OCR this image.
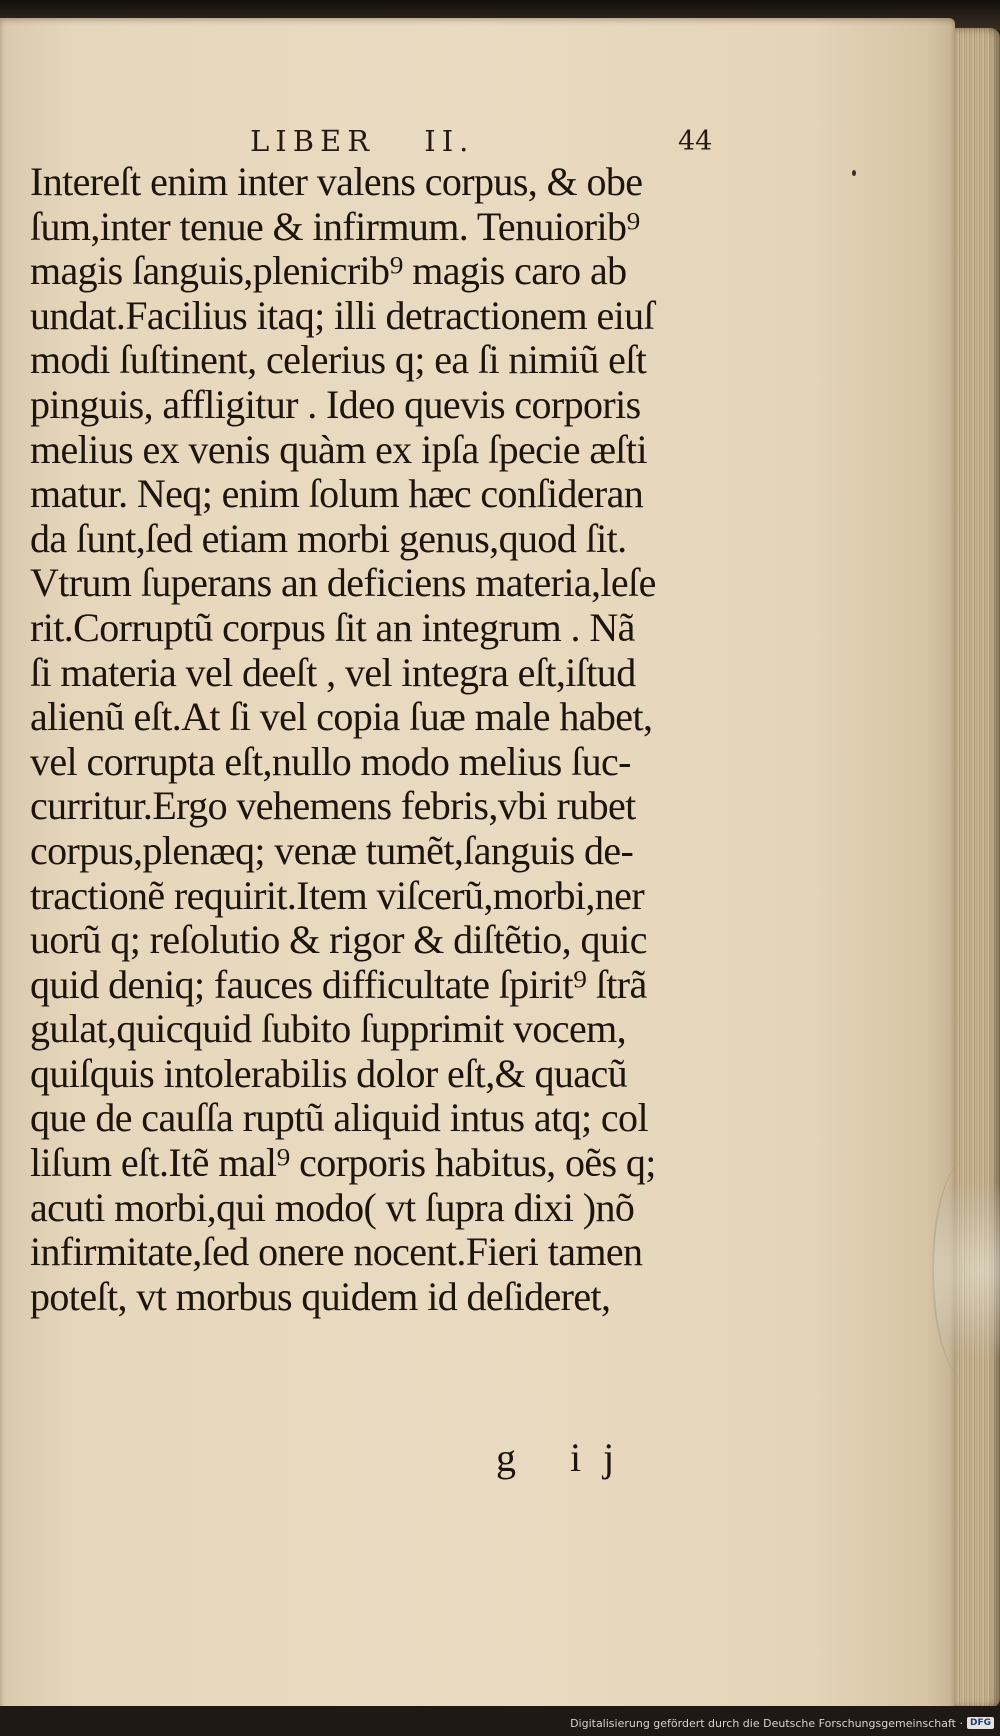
LIBER II.	44
Intereſt enim inter valens corpus, & obe
ſum,inter tenue & infirmum. Tenuiorib⁹
magis ſanguis,plenicrib⁹ magis caro ab
undat.Facilius itaq; illi detractionem eiuſ
modi ſuſtinent, celerius q; ea ſi nimiũ eſt
pinguis, affligitur . Ideo quevis corporis
melius ex venis quàm ex ipſa ſpecie æſti
matur. Neq; enim ſolum hæc conſideran
da ſunt,ſed etiam morbi genus,quod ſit.
Vtrum ſuperans an deficiens materia,leſe
rit.Corruptũ corpus ſit an integrum . Nã
ſi materia vel deeſt , vel integra eſt,iſtud
alienũ eſt.At ſi vel copia ſuæ male habet,
vel corrupta eſt,nullo modo melius ſuc-
curritur.Ergo vehemens febris,vbi rubet
corpus,plenæq; venæ tumẽt,ſanguis de-
tractionẽ requirit.Item viſcerũ,morbi,ner
uorũ q; reſolutio & rigor & diſtẽtio, quic
quid deniq; fauces difficultate ſpirit⁹ ſtrã
gulat,quicquid ſubito ſupprimit vocem,
quiſquis intolerabilis dolor eſt,& quacũ
que de cauſſa ruptũ aliquid intus atq; col
liſum eſt.Itẽ mal⁹ corporis habitus, oẽs q;
acuti morbi,qui modo( vt ſupra dixi )nõ
infirmitate,ſed onere nocent.Fieri tamen
poteſt, vt morbus quidem id deſideret,
g ij
Digitalisierung gefördert durch die Deutsche Forschungsgemeinschaft · DFG
